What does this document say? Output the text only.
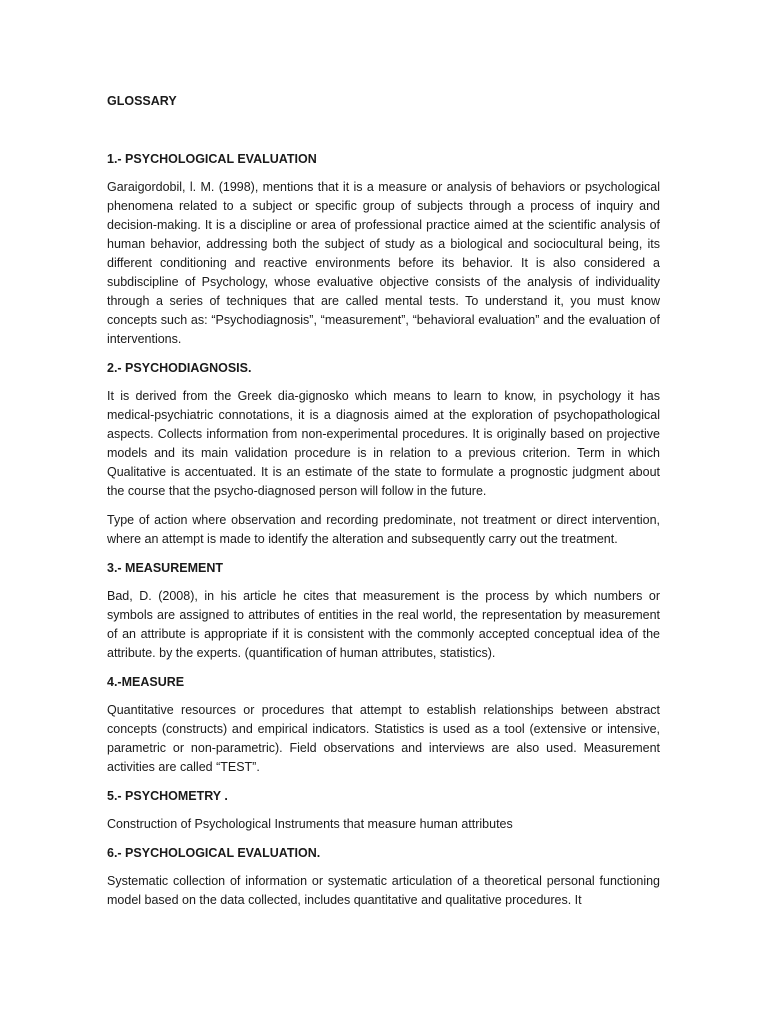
GLOSSARY
1.- PSYCHOLOGICAL EVALUATION

Garaigordobil, l. M. (1998), mentions that it is a measure or analysis of behaviors or psychological phenomena related to a subject or specific group of subjects through a process of inquiry and decision-making. It is a discipline or area of professional practice aimed at the scientific analysis of human behavior, addressing both the subject of study as a biological and sociocultural being, its different conditioning and reactive environments before its behavior. It is also considered a subdiscipline of Psychology, whose evaluative objective consists of the analysis of individuality through a series of techniques that are called mental tests. To understand it, you must know concepts such as: “Psychodiagnosis”, “measurement”, “behavioral evaluation” and the evaluation of interventions.

2.- PSYCHODIAGNOSIS.

It is derived from the Greek dia-gignosko which means to learn to know, in psychology it has medical-psychiatric connotations, it is a diagnosis aimed at the exploration of psychopathological aspects. Collects information from non-experimental procedures. It is originally based on projective models and its main validation procedure is in relation to a previous criterion. Term in which Qualitative is accentuated. It is an estimate of the state to formulate a prognostic judgment about the course that the psycho-diagnosed person will follow in the future.

Type of action where observation and recording predominate, not treatment or direct intervention, where an attempt is made to identify the alteration and subsequently carry out the treatment.

3.- MEASUREMENT

Bad, D. (2008), in his article he cites that measurement is the process by which numbers or symbols are assigned to attributes of entities in the real world, the representation by measurement of an attribute is appropriate if it is consistent with the commonly accepted conceptual idea of the attribute. by the experts. (quantification of human attributes, statistics).

4.-MEASURE

Quantitative resources or procedures that attempt to establish relationships between abstract concepts (constructs) and empirical indicators. Statistics is used as a tool (extensive or intensive, parametric or non-parametric). Field observations and interviews are also used. Measurement activities are called “TEST”.

5.- PSYCHOMETRY .

Construction of Psychological Instruments that measure human attributes

6.- PSYCHOLOGICAL EVALUATION.

Systematic collection of information or systematic articulation of a theoretical personal functioning model based on the data collected, includes quantitative and qualitative procedures. It
